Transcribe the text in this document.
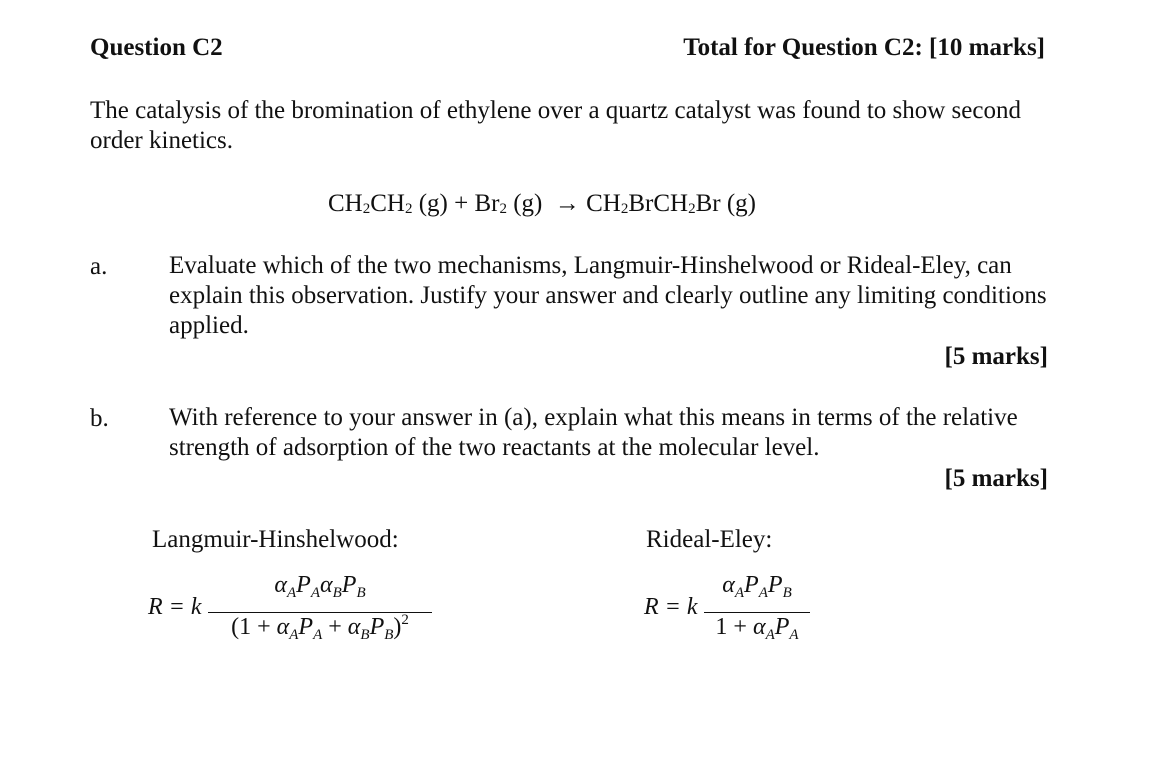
Question C2	Total for Question C2: [10 marks]
The catalysis of the bromination of ethylene over a quartz catalyst was found to show second order kinetics.
$CH_2CH_2$ $(g) + Br_2$ $(g) \to CH_2BrCH_2Br$ (g)
a. Evaluate which of the two mechanisms, Langmuir-Hinshelwood or Rideal-Eley, can explain this observation. Justify your answer and clearly outline any limiting conditions applied.
[5 marks]
b. With reference to your answer in (a), explain what this means in terms of the relative strength of adsorption of the two reactants at the molecular level.
[5 marks]
Langmuir-Hinshelwood:	Rideal-Eley:
R = k
$\alpha_AP_A\alpha_BP_B$
$(1 + \alpha_AP_A + \alpha_BP_B)^2$	R = k
$\alpha_AP_AP_B$
$1 + \alpha_AP_A$
